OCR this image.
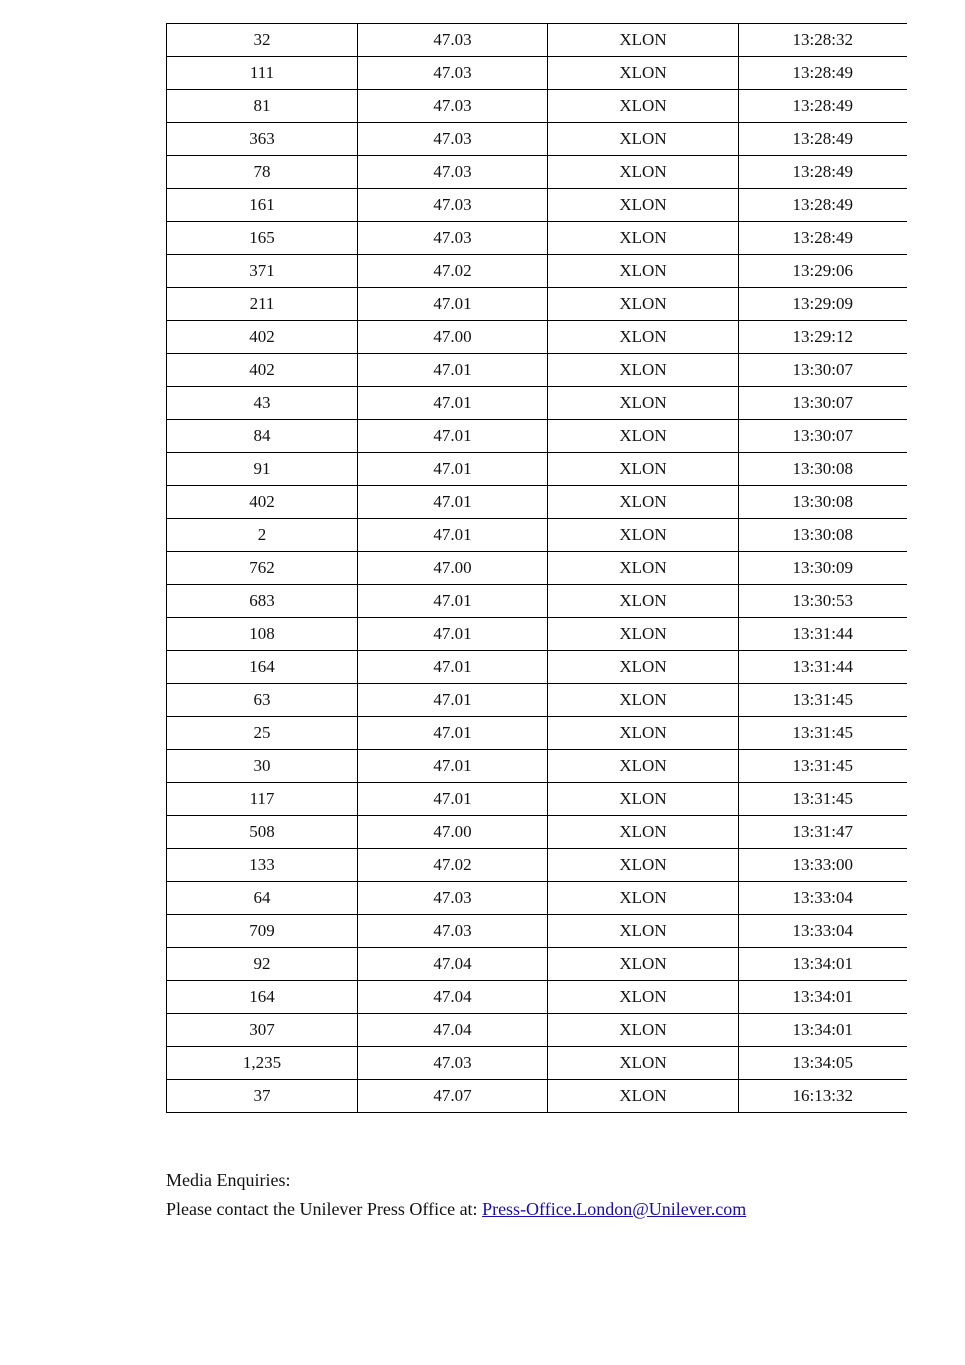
32	47.03	XLON	13:28:32
111	47.03	XLON	13:28:49
81	47.03	XLON	13:28:49
363	47.03	XLON	13:28:49
78	47.03	XLON	13:28:49
161	47.03	XLON	13:28:49
165	47.03	XLON	13:28:49
371	47.02	XLON	13:29:06
211	47.01	XLON	13:29:09
402	47.00	XLON	13:29:12
402	47.01	XLON	13:30:07
43	47.01	XLON	13:30:07
84	47.01	XLON	13:30:07
91	47.01	XLON	13:30:08
402	47.01	XLON	13:30:08
2	47.01	XLON	13:30:08
762	47.00	XLON	13:30:09
683	47.01	XLON	13:30:53
108	47.01	XLON	13:31:44
164	47.01	XLON	13:31:44
63	47.01	XLON	13:31:45
25	47.01	XLON	13:31:45
30	47.01	XLON	13:31:45
117	47.01	XLON	13:31:45
508	47.00	XLON	13:31:47
133	47.02	XLON	13:33:00
64	47.03	XLON	13:33:04
709	47.03	XLON	13:33:04
92	47.04	XLON	13:34:01
164	47.04	XLON	13:34:01
307	47.04	XLON	13:34:01
1,235	47.03	XLON	13:34:05
37	47.07	XLON	16:13:32
Media Enquiries:
Please contact the Unilever Press Office at: Press-Office.London@Unilever.com
